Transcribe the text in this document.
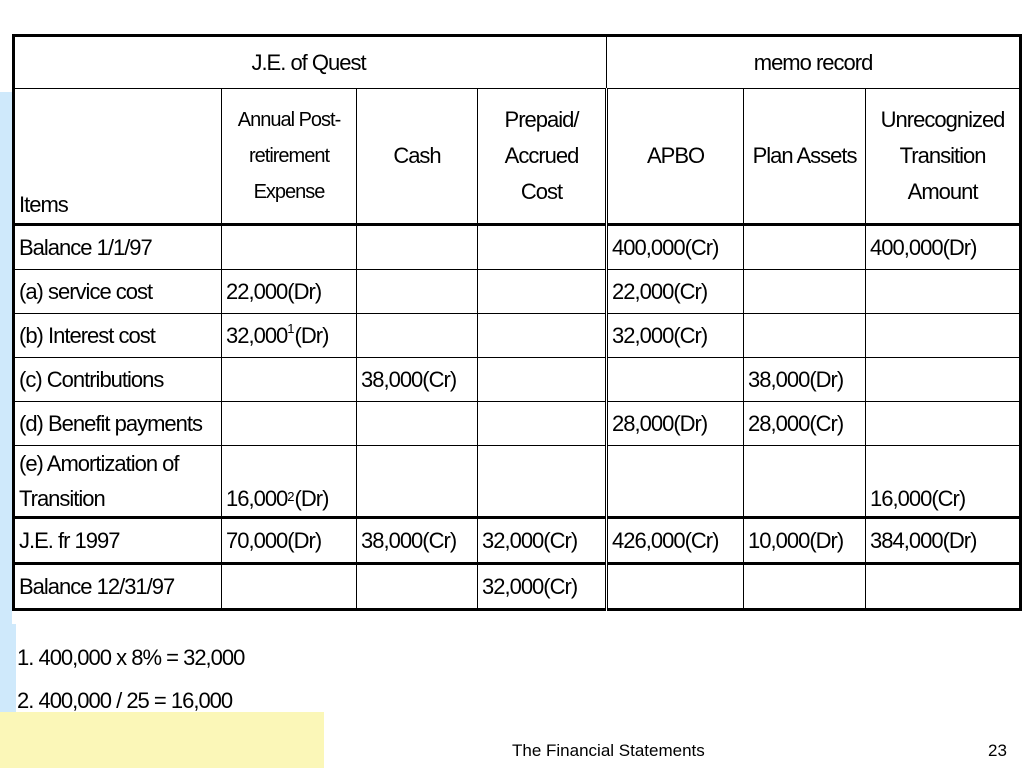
J.E. of Quest				memo record		
Items	Annual Post-
retirement
Expense	Cash	Prepaid/
Accrued
Cost	APBO	Plan Assets	Unrecognized
Transition
Amount
Balance 1/1/97				400,000(Cr)		400,000(Dr)
(a) service cost	22,000(Dr)			22,000(Cr)		
(b) Interest cost	32,000$^1$(Dr)			32,000(Cr)		
(c) Contributions		38,000(Cr)			38,000(Dr)	
(d) Benefit payments				28,000(Dr)	28,000(Cr)	
(e) Amortization of
Transition	16,000$^2$(Dr)					16,000(Cr)
J.E. fr 1997	70,000(Dr)	38,000(Cr)	32,000(Cr)	426,000(Cr)	10,000(Dr)	384,000(Dr)
Balance 12/31/97			32,000(Cr)			
1. 400,000 x 8% = 32,000
2. 400,000 / 25 = 16,000
The Financial Statements	23
